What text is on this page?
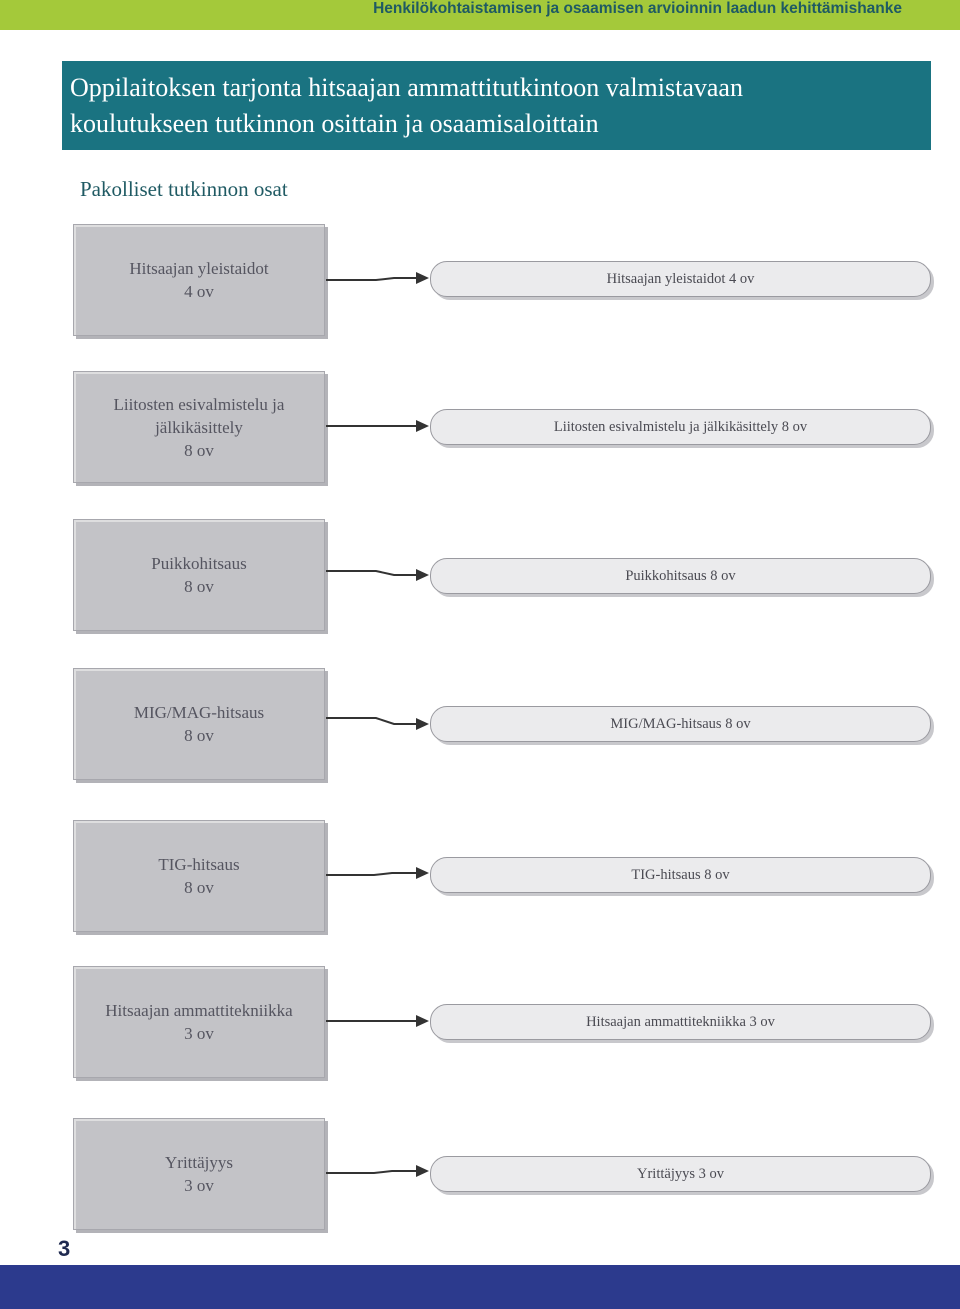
Henkilökohtaistamisen ja osaamisen arvioinnin laadun kehittämishanke
Oppilaitoksen tarjonta hitsaajan ammattitutkintoon valmistavaan
koulutukseen tutkinnon osittain ja osaamisaloittain
Pakolliset tutkinnon osat
Hitsaajan yleistaidot
4 ov
Hitsaajan yleistaidot 4 ov
Liitosten esivalmistelu ja
jälkikäsittely
8 ov
Liitosten esivalmistelu ja jälkikäsittely 8 ov
Puikkohitsaus
8 ov
Puikkohitsaus 8 ov
MIG/MAG-hitsaus
8 ov
MIG/MAG-hitsaus 8 ov
TIG-hitsaus
8 ov
TIG-hitsaus 8 ov
Hitsaajan ammattitekniikka
3 ov
Hitsaajan ammattitekniikka 3 ov
Yrittäjyys
3 ov
Yrittäjyys 3 ov
3
